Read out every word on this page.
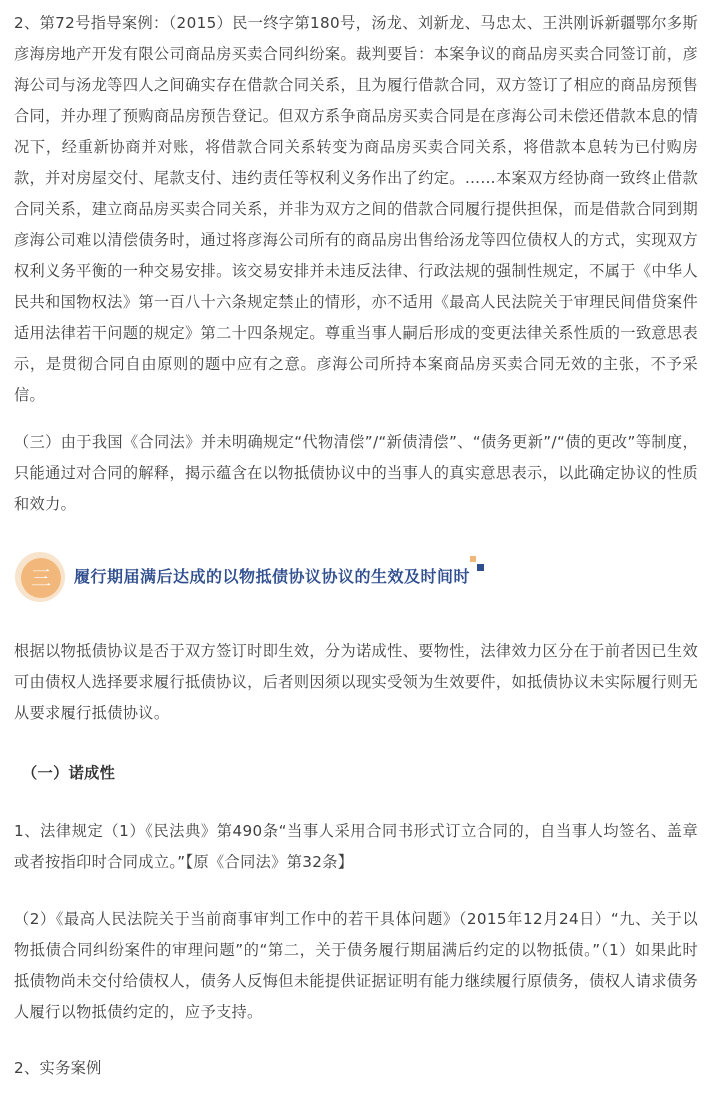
2、第72号指导案例：（2015）民一终字第180号，汤龙、刘新龙、马忠太、王洪刚诉新疆鄂尔多斯彦海房地产开发有限公司商品房买卖合同纠纷案。裁判要旨：本案争议的商品房买卖合同签订前，彦海公司与汤龙等四人之间确实存在借款合同关系，且为履行借款合同，双方签订了相应的商品房预售合同，并办理了预购商品房预告登记。但双方系争商品房买卖合同是在彦海公司未偿还借款本息的情况下，经重新协商并对账，将借款合同关系转变为商品房买卖合同关系，将借款本息转为已付购房款，并对房屋交付、尾款支付、违约责任等权利义务作出了约定。……本案双方经协商一致终止借款合同关系，建立商品房买卖合同关系，并非为双方之间的借款合同履行提供担保，而是借款合同到期彦海公司难以清偿债务时，通过将彦海公司所有的商品房出售给汤龙等四位债权人的方式，实现双方权利义务平衡的一种交易安排。该交易安排并未违反法律、行政法规的强制性规定，不属于《中华人民共和国物权法》第一百八十六条规定禁止的情形，亦不适用《最高人民法院关于审理民间借贷案件适用法律若干问题的规定》第二十四条规定。尊重当事人嗣后形成的变更法律关系性质的一致意思表示，是贯彻合同自由原则的题中应有之意。彦海公司所持本案商品房买卖合同无效的主张，不予采信。

（三）由于我国《合同法》并未明确规定“代物清偿”/“新债清偿”、“债务更新”/“债的更改”等制度，只能通过对合同的解释，揭示蕴含在以物抵债协议中的当事人的真实意思表示，以此确定协议的性质和效力。

三	履行期届满后达成的以物抵债协议协议的生效及时间时

根据以物抵债协议是否于双方签订时即生效，分为诺成性、要物性，法律效力区分在于前者因已生效可由债权人选择要求履行抵债协议，后者则因须以现实受领为生效要件，如抵债协议未实际履行则无从要求履行抵债协议。

（一）诺成性

1、法律规定（1）《民法典》第490条“当事人采用合同书形式订立合同的，自当事人均签名、盖章或者按指印时合同成立。”【原《合同法》第32条】

（2）《最高人民法院关于当前商事审判工作中的若干具体问题》（2015年12月24日）“九、关于以物抵债合同纠纷案件的审理问题”的“第二，关于债务履行期届满后约定的以物抵债。”（1）如果此时抵债物尚未交付给债权人，债务人反悔但未能提供证据证明有能力继续履行原债务，债权人请求债务人履行以物抵债约定的，应予支持。

2、实务案例
